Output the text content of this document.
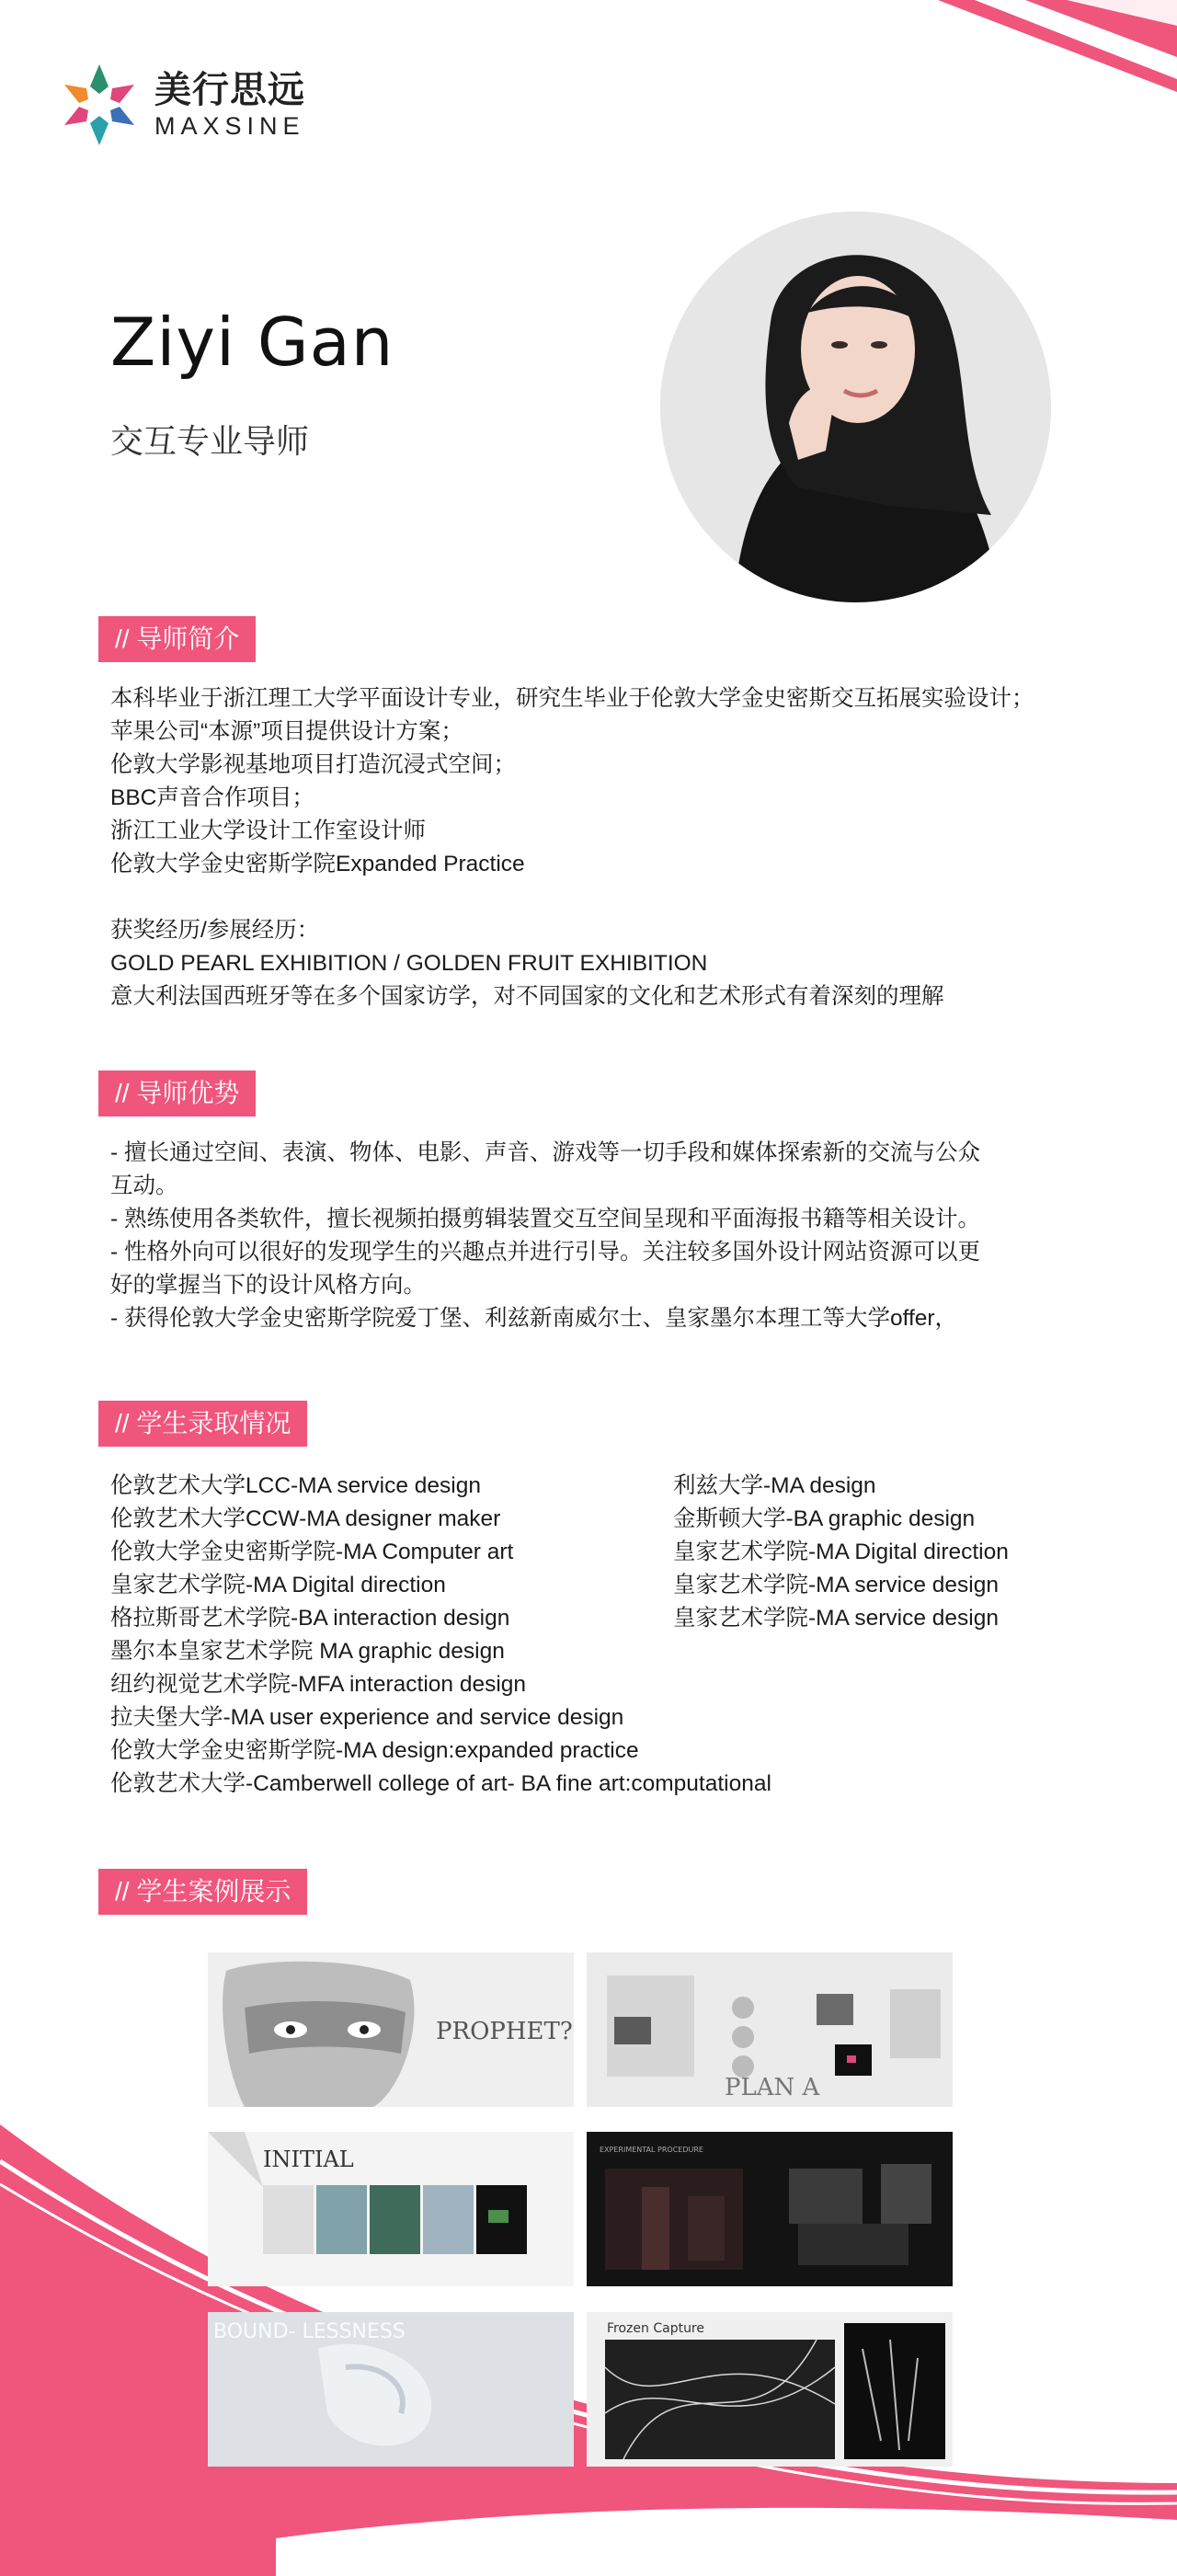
美行思远
MAXSINE
Ziyi Gan
交互专业导师
// 导师简介
本科毕业于浙江理工大学平面设计专业，研究生毕业于伦敦大学金史密斯交互拓展实验设计；
苹果公司“本源”项目提供设计方案；
伦敦大学影视基地项目打造沉浸式空间；
BBC声音合作项目；
浙江工业大学设计工作室设计师
伦敦大学金史密斯学院Expanded Practice
获奖经历/参展经历：
GOLD PEARL EXHIBITION / GOLDEN FRUIT EXHIBITION
意大利法国西班牙等在多个国家访学，对不同国家的文化和艺术形式有着深刻的理解
// 导师优势
- 擅长通过空间、表演、物体、电影、声音、游戏等一切手段和媒体探索新的交流与公众
互动。
- 熟练使用各类软件，擅长视频拍摄剪辑装置交互空间呈现和平面海报书籍等相关设计。
- 性格外向可以很好的发现学生的兴趣点并进行引导。关注较多国外设计网站资源可以更
好的掌握当下的设计风格方向。
- 获得伦敦大学金史密斯学院爱丁堡、利兹新南威尔士、皇家墨尔本理工等大学offer，
// 学生录取情况
伦敦艺术大学LCC-MA service design
伦敦艺术大学CCW-MA designer maker
伦敦大学金史密斯学院-MA Computer art
皇家艺术学院-MA Digital direction
格拉斯哥艺术学院-BA interaction design
墨尔本皇家艺术学院 MA graphic design
纽约视觉艺术学院-MFA interaction design
拉夫堡大学-MA user experience and service design
伦敦大学金史密斯学院-MA design:expanded practice
伦敦艺术大学-Camberwell college of art- BA fine art:computational
利兹大学-MA design
金斯顿大学-BA graphic design
皇家艺术学院-MA Digital direction
皇家艺术学院-MA service design
皇家艺术学院-MA service design
// 学生案例展示
PROPHET?
PLAN A
INITIAL	EXPERIMENTAL PROCEDURE
BOUND- LESSNESS	Frozen Capture
